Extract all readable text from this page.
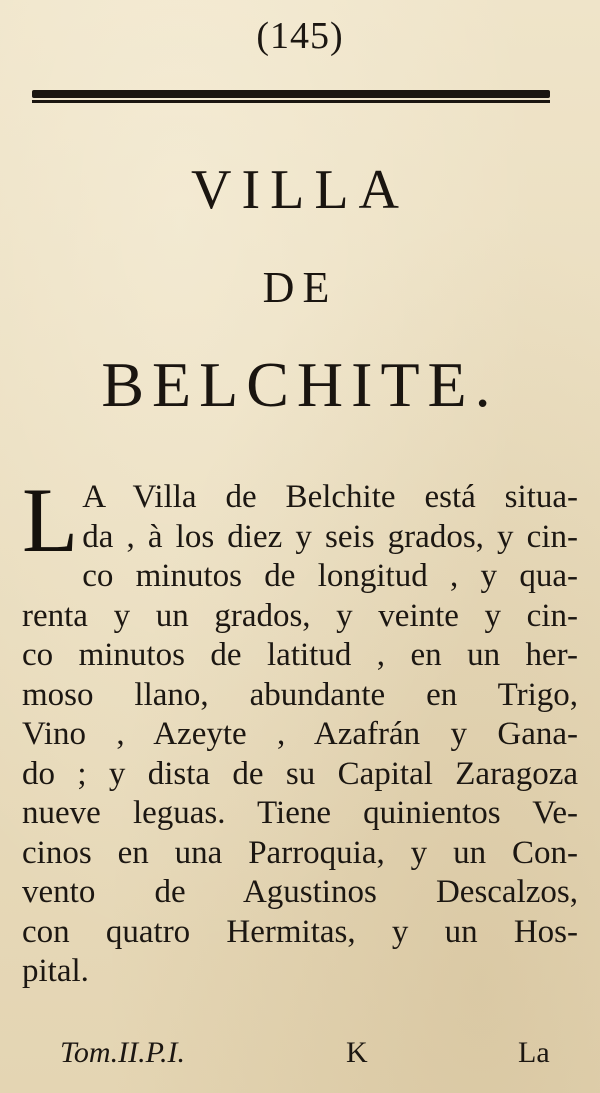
(145)
VILLA
DE
BELCHITE.
L A Villa de Belchite está situa-
da , à los diez y seis grados, y cin-
co minutos de longitud , y qua-
renta y un grados, y veinte y cin-
co minutos de latitud , en un her-
moso llano, abundante en Trigo,
Vino , Azeyte , Azafrán y Gana-
do ; y dista de su Capital Zaragoza
nueve leguas. Tiene quinientos Ve-
cinos en una Parroquia, y un Con-
vento de Agustinos Descalzos,
con quatro Hermitas, y un Hos-
pital.
Tom.II.P.I.	K	La
